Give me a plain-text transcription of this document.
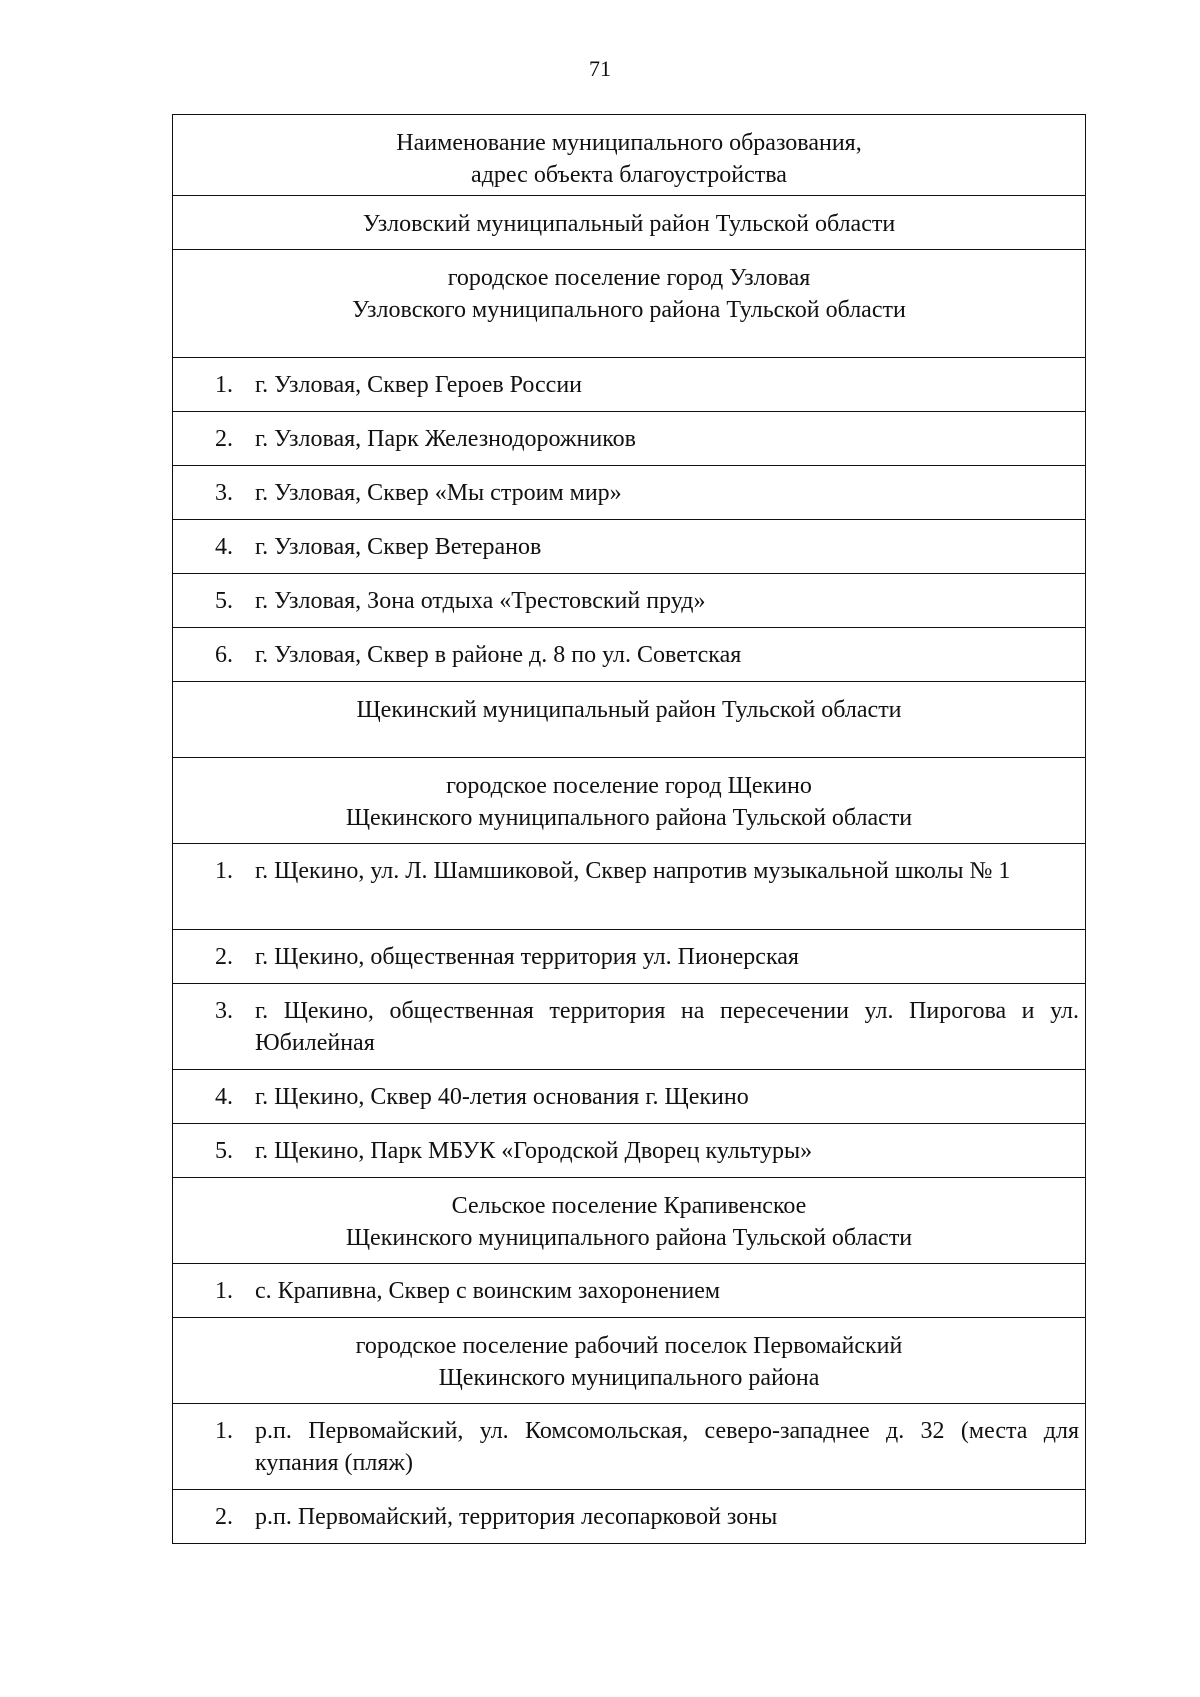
71
Наименование муниципального образования,
адрес объекта благоустройства
Узловский муниципальный район Тульской области
городское поселение город Узловая
Узловского муниципального района Тульской области
1. г. Узловая, Сквер Героев России
2. г. Узловая, Парк Железнодорожников
3. г. Узловая, Сквер «Мы строим мир»
4. г. Узловая, Сквер Ветеранов
5. г. Узловая, Зона отдыха «Трестовский пруд»
6. г. Узловая, Сквер в районе д. 8 по ул. Советская
Щекинский муниципальный район Тульской области
городское поселение город Щекино
Щекинского муниципального района Тульской области
1. г. Щекино, ул. Л. Шамшиковой, Сквер напротив музыкальной школы № 1
2. г. Щекино, общественная территория ул. Пионерская
3. г. Щекино, общественная территория на пересечении ул. Пирогова и ул. Юбилейная
4. г. Щекино, Сквер 40-летия основания г. Щекино
5. г. Щекино, Парк МБУК «Городской Дворец культуры»
Сельское поселение Крапивенское
Щекинского муниципального района Тульской области
1. с. Крапивна, Сквер с воинским захоронением
городское поселение рабочий поселок Первомайский
Щекинского муниципального района
1. р.п. Первомайский, ул. Комсомольская, северо-западнее д. 32 (места для купания (пляж)
2. р.п. Первомайский, территория лесопарковой зоны
